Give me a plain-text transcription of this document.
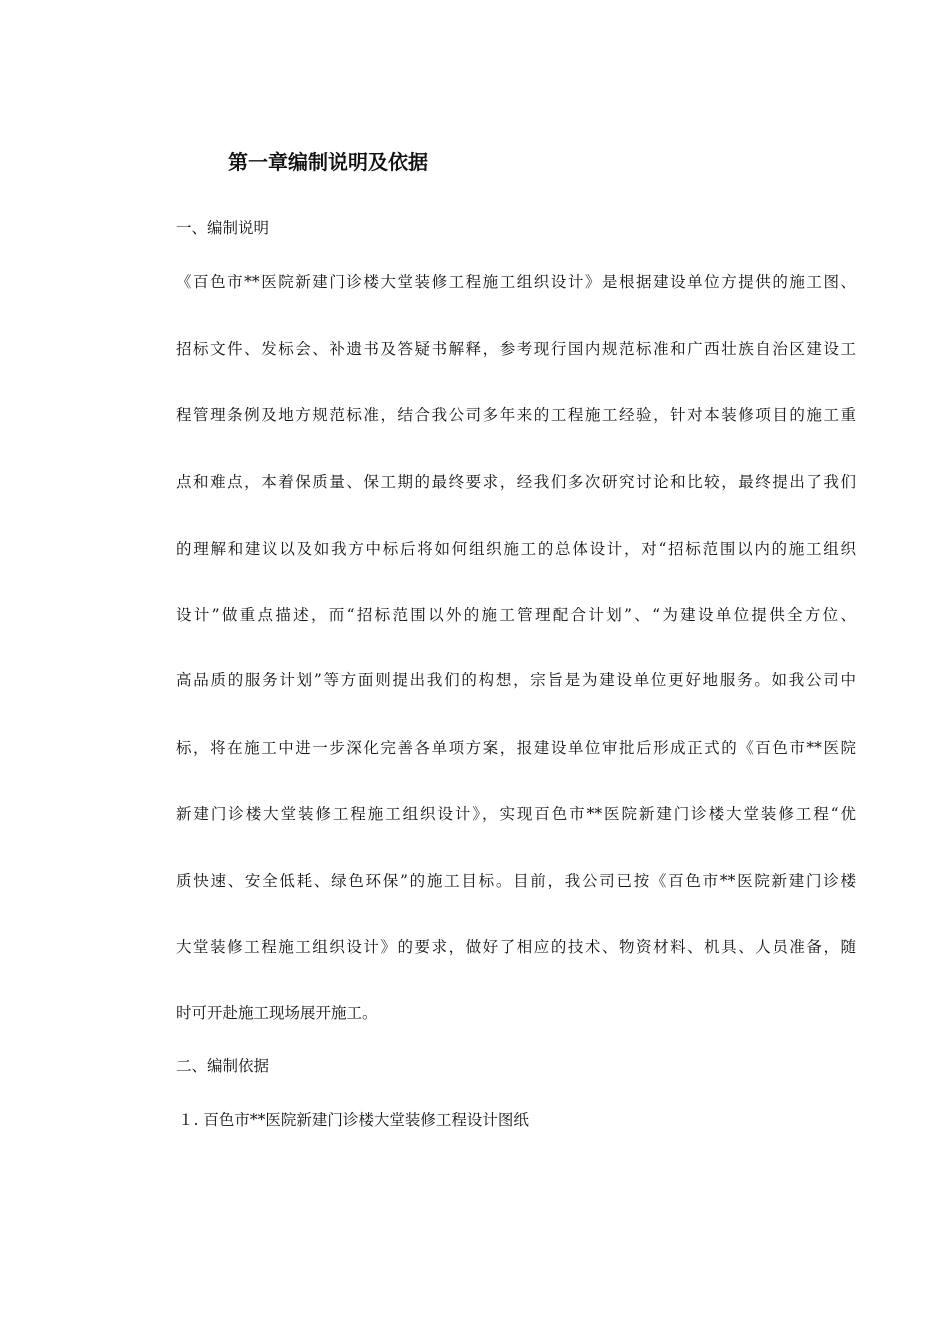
第一章编制说明及依据
一、编制说明
《百色市**医院新建门诊楼大堂装修工程施工组织设计》是根据建设单位方提供的施工图、
招标文件、发标会、补遗书及答疑书解释，参考现行国内规范标准和广西壮族自治区建设工
程管理条例及地方规范标准，结合我公司多年来的工程施工经验，针对本装修项目的施工重
点和难点，本着保质量、保工期的最终要求，经我们多次研究讨论和比较，最终提出了我们
的理解和建议以及如我方中标后将如何组织施工的总体设计，对“招标范围以内的施工组织
设计”做重点描述，而“招标范围以外的施工管理配合计划”、“为建设单位提供全方位、
高品质的服务计划”等方面则提出我们的构想，宗旨是为建设单位更好地服务。如我公司中
标，将在施工中进一步深化完善各单项方案，报建设单位审批后形成正式的《百色市**医院
新建门诊楼大堂装修工程施工组织设计》，实现百色市**医院新建门诊楼大堂装修工程“优
质快速、安全低耗、绿色环保”的施工目标。目前，我公司已按《百色市**医院新建门诊楼
大堂装修工程施工组织设计》的要求，做好了相应的技术、物资材料、机具、人员准备，随
时可开赴施工现场展开施工。
二、编制依据
１. 百色市**医院新建门诊楼大堂装修工程设计图纸
